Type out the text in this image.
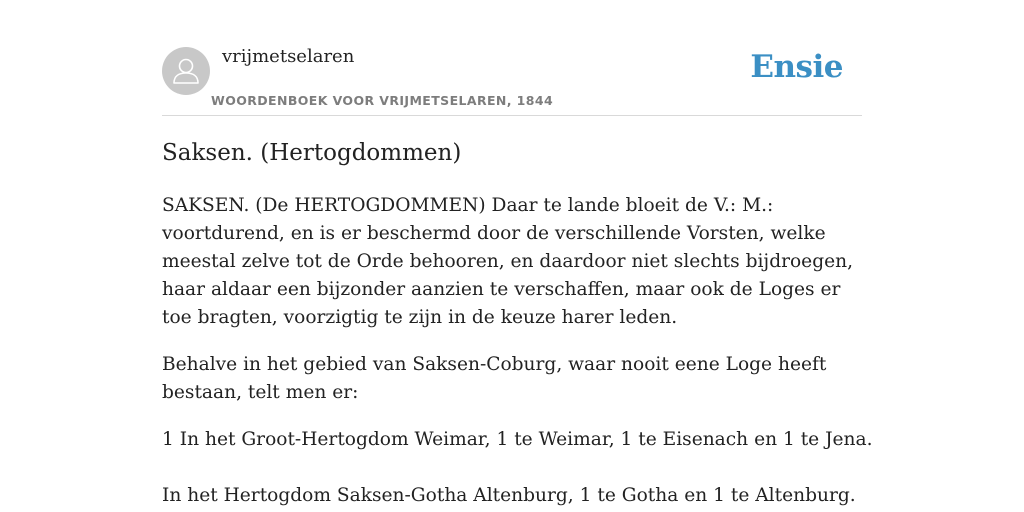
vrijmetselaren
WOORDENBOEK VOOR VRIJMETSELAREN, 1844
Ensie
Saksen. (Hertogdommen)

SAKSEN. (De HERTOGDOMMEN) Daar te lande bloeit de V.: M.: voortdurend, en is er beschermd door de verschillende Vorsten, welke meestal zelve tot de Orde behooren, en daardoor niet slechts bijdroegen, haar aldaar een bijzonder aanzien te verschaffen, maar ook de Loges er toe bragten, voorzigtig te zijn in de keuze harer leden.

Behalve in het gebied van Saksen-Coburg, waar nooit eene Loge heeft bestaan, telt men er:

1 In het Groot-Hertogdom Weimar, 1 te Weimar, 1 te Eisenach en 1 te Jena.
In het Hertogdom Saksen-Gotha Altenburg, 1 te Gotha en 1 te Altenburg.
